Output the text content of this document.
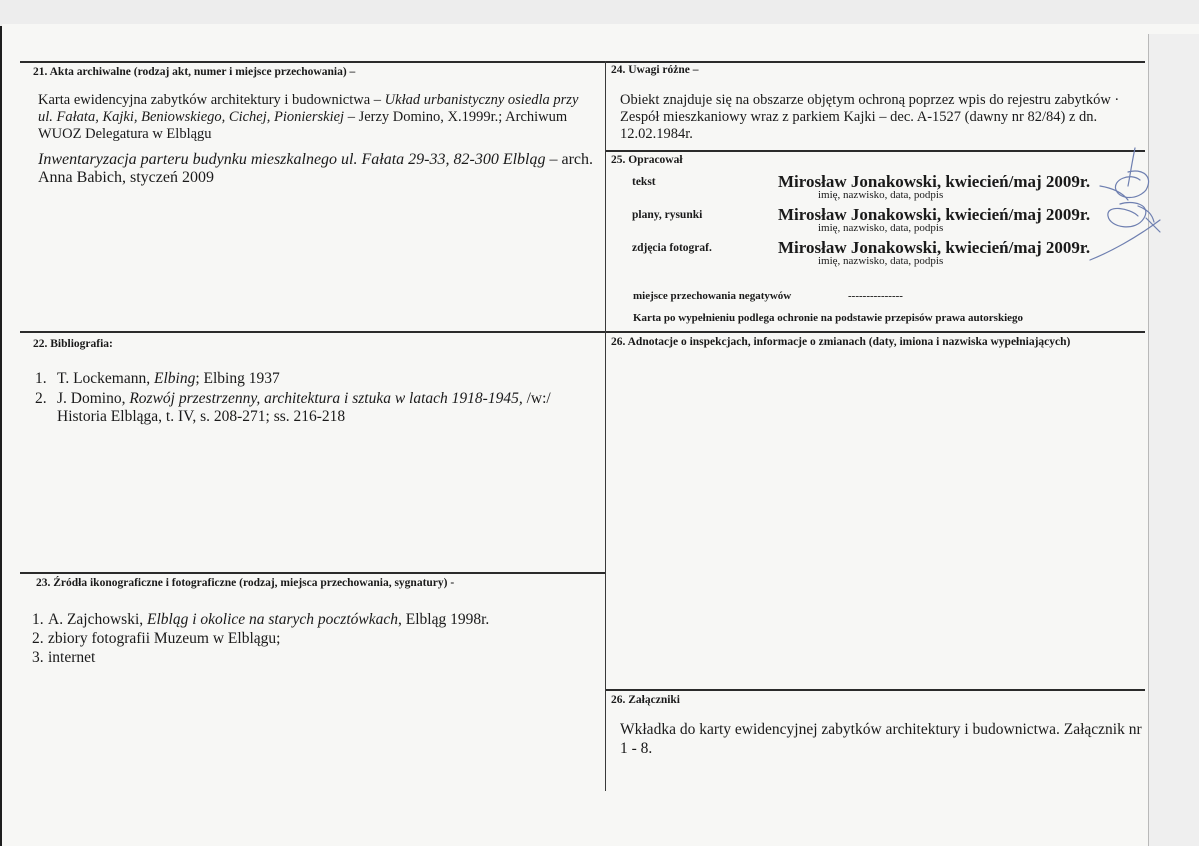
21. Akta archiwalne (rodzaj akt, numer i miejsce przechowania) –

Karta ewidencyjna zabytków architektury i budownictwa – Układ urbanistyczny osiedla przy ul. Fałata, Kajki, Beniowskiego, Cichej, Pionierskiej – Jerzy Domino, X.1999r.; Archiwum WUOZ Delegatura w Elblągu

Inwentaryzacja parteru budynku mieszkalnego ul. Fałata 29-33, 82-300 Elbląg – arch. Anna Babich, styczeń 2009

24. Uwagi różne –
Obiekt znajduje się na obszarze objętym ochroną poprzez wpis do rejestru zabytków · Zespół mieszkaniowy wraz z parkiem Kajki – dec. A-1527 (dawny nr 82/84) z dn. 12.02.1984r.
25. Opracował
tekst	Mirosław Jonakowski, kwiecień/maj 2009r.
imię, nazwisko, data, podpis
plany, rysunki	Mirosław Jonakowski, kwiecień/maj 2009r.
imię, nazwisko, data, podpis
zdjęcia fotograf.	Mirosław Jonakowski, kwiecień/maj 2009r.
imię, nazwisko, data, podpis
miejsce przechowania negatywów	---------------
Karta po wypełnieniu podlega ochronie na podstawie przepisów prawa autorskiego
22. Bibliografia:
1. T. Lockemann, Elbing; Elbing 1937
2. J. Domino, Rozwój przestrzenny, architektura i sztuka w latach 1918-1945, /w:/ Historia Elbląga, t. IV, s. 208-271; ss. 216-218
26. Adnotacje o inspekcjach, informacje o zmianach (daty, imiona i nazwiska wypełniających)
23. Źródła ikonograficzne i fotograficzne (rodzaj, miejsca przechowania, sygnatury) -
1. A. Zajchowski, Elbląg i okolice na starych pocztówkach, Elbląg 1998r.
2. zbiory fotografii Muzeum w Elblągu;
3. internet
26. Załączniki
Wkładka do karty ewidencyjnej zabytków architektury i budownictwa. Załącznik nr 1 - 8.
